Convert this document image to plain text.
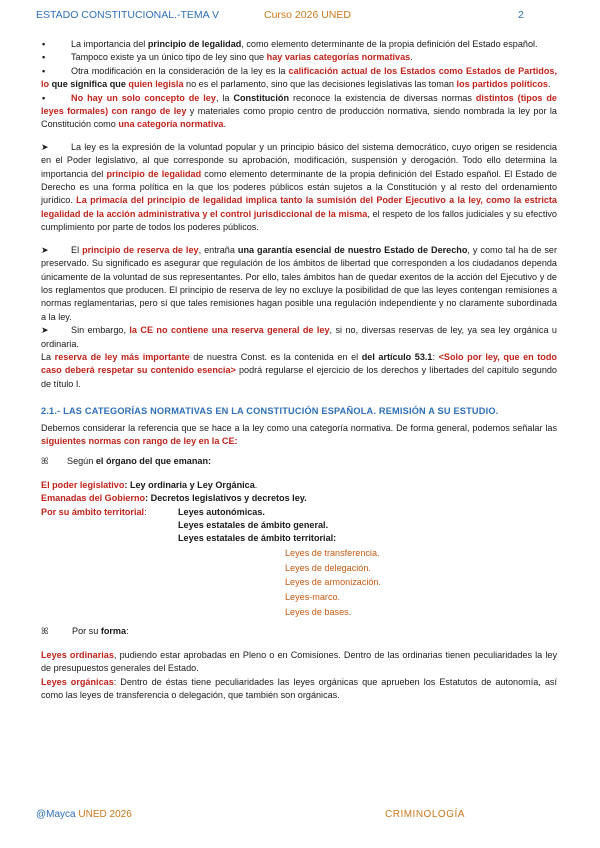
ESTADO CONSTITUCIONAL.-TEMA V	Curso 2026 UNED	2

•	La importancia del principio de legalidad, como elemento determinante de la propia definición del Estado español.

•	Tampoco existe ya un único tipo de ley sino que hay varias categorías normativas.

•	Otra modificación en la consideración de la ley es la calificación actual de los Estados como Estados de Partidos, lo que significa que quien legisla no es el parlamento, sino que las decisiones legislativas las toman los partidos políticos.

•	No hay un solo concepto de ley, la Constitución reconoce la existencia de diversas normas distintos (tipos de leyes formales) con rango de ley y materiales como propio centro de producción normativa, siendo nombrada la ley por la Constitución como una categoría normativa.

➤ La ley es la expresión de la voluntad popular y un principio básico del sistema democrático, cuyo origen se residencia en el Poder legislativo, al que corresponde su aprobación, modificación, suspensión y derogación. Todo ello determina la importancia del principio de legalidad como elemento determinante de la propia definición del Estado español. El Estado de Derecho es una forma política en la que los poderes públicos están sujetos a la Constitución y al resto del ordenamiento jurídico. La primacía del principio de legalidad implica tanto la sumisión del Poder Ejecutivo a la ley, como la estricta legalidad de la acción administrativa y el control jurisdiccional de la misma, el respeto de los fallos judiciales y su efectivo cumplimiento por parte de todos los poderes públicos.

➤ El principio de reserva de ley, entraña una garantía esencial de nuestro Estado de Derecho, y como tal ha de ser preservado. Su significado es asegurar que regulación de los ámbitos de libertad que corresponden a los ciudadanos dependa únicamente de la voluntad de sus representantes. Por ello, tales ámbitos han de quedar exentos de la acción del Ejecutivo y de los reglamentos que producen. El principio de reserva de ley no excluye la posibilidad de que las leyes contengan remisiones a normas reglamentarias, pero sí que tales remisiones hagan posible una regulación independiente y no claramente subordinada a la ley.

➤ Sin embargo, la CE no contiene una reserva general de ley, si no, diversas reservas de ley, ya sea ley orgánica u ordinaria.

La reserva de ley más importante de nuestra Const. es la contenida en el del artículo 53.1: <Solo por ley, que en todo caso deberá respetar su contenido esencia> podrá regularse el ejercicio de los derechos y libertades del capítulo segundo de título I.

2.1.- LAS CATEGORÍAS NORMATIVAS EN LA CONSTITUCIÓN ESPAÑOLA. REMISIÓN A SU ESTUDIO.

Debemos considerar la referencia que se hace a la ley como una categoría normativa. De forma general, podemos señalar las siguientes normas con rango de ley en la CE:

ꕤ Según el órgano del que emanan:

El poder legislativo: Ley ordinaria y Ley Orgánica.

Emanadas del Gobierno: Decretos legislativos y decretos ley.

Por su ámbito territorial:	Leyes autonómicas.

Leyes estatales de ámbito general.

Leyes estatales de ámbito territorial:

Leyes de transferencia.

Leyes de delegación.

Leyes de armonización.

Leyes-marco.

Leyes de bases.

ꕤ	Por su forma:

Leyes ordinarias, pudiendo estar aprobadas en Pleno o en Comisiones. Dentro de las ordinarias tienen peculiaridades la ley de presupuestos generales del Estado.

Leyes orgánicas: Dentro de éstas tiene peculiaridades las leyes orgánicas que aprueben los Estatutos de autonomía, así como las leyes de transferencia o delegación, que también son orgánicas.

@Mayca UNED 2026	CRIMINOLOGÍA
